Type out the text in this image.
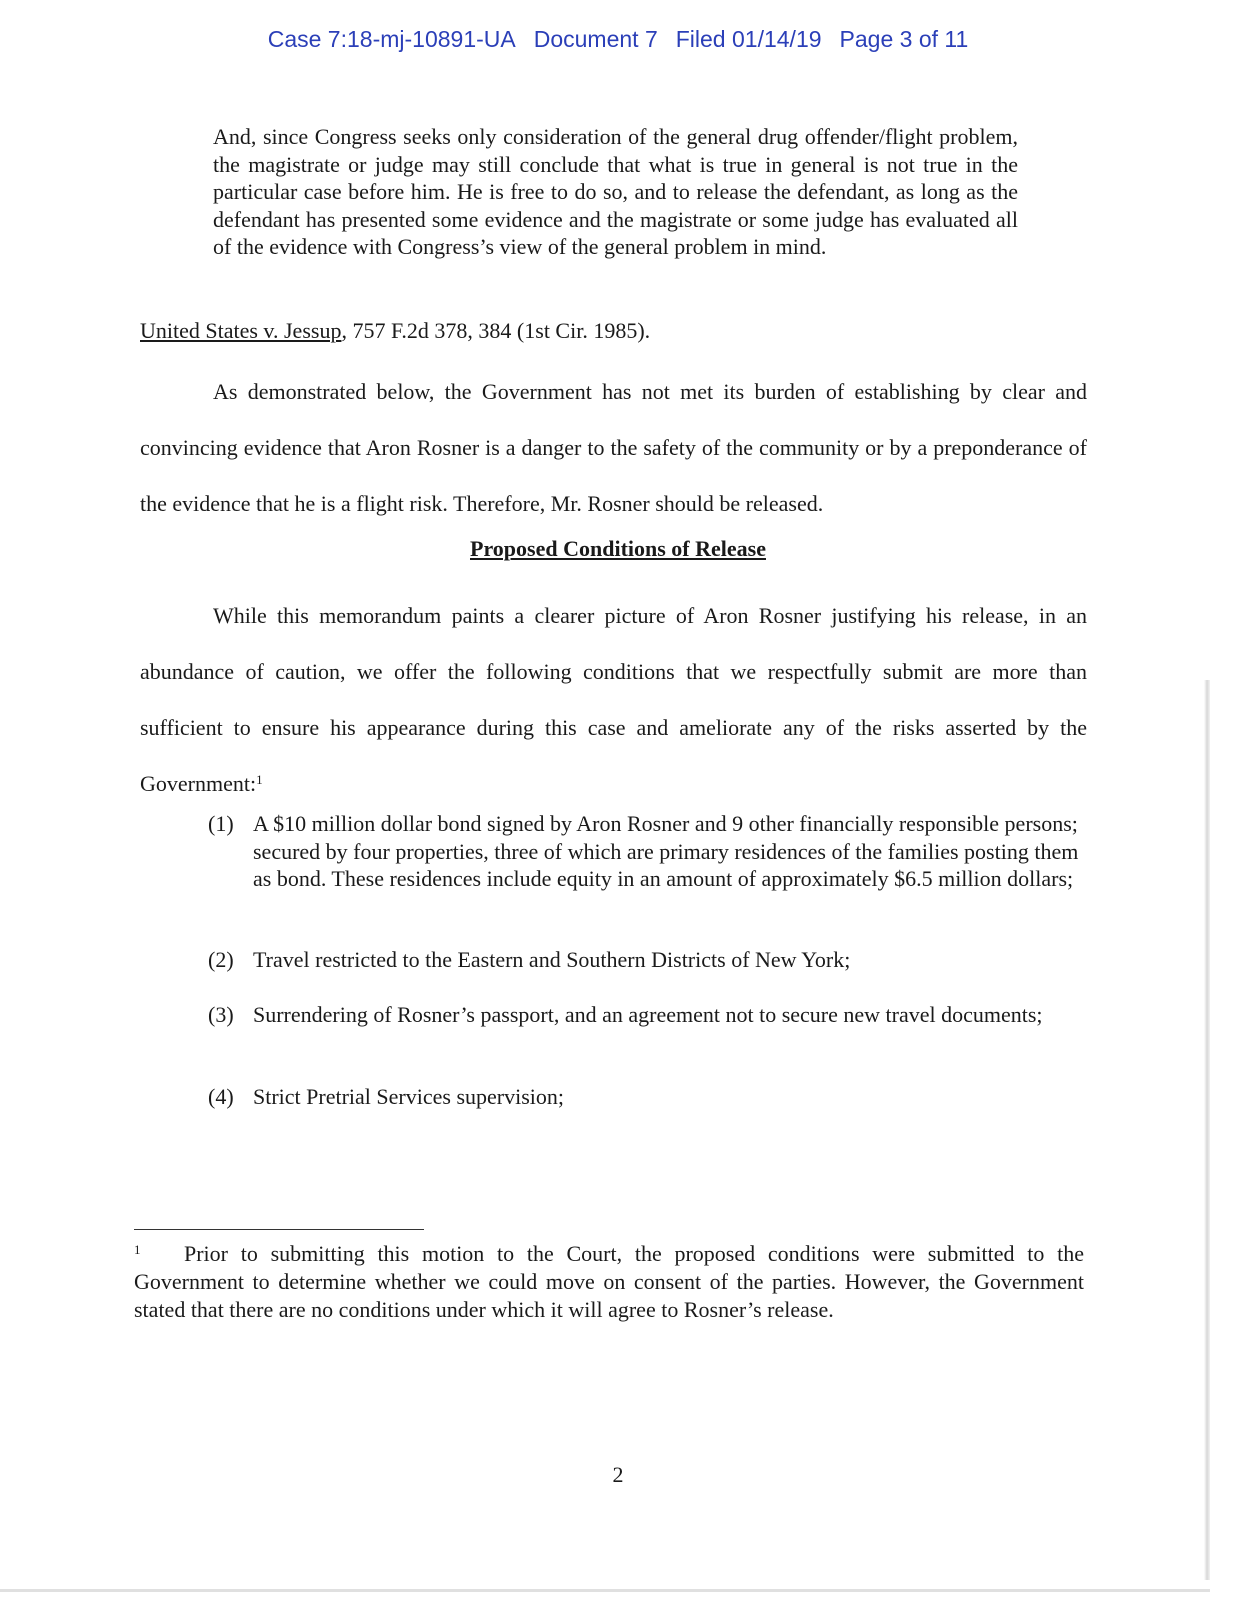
Case 7:18-mj-10891-UA Document 7 Filed 01/14/19 Page 3 of 11
And, since Congress seeks only consideration of the general drug offender/flight problem, the magistrate or judge may still conclude that what is true in general is not true in the particular case before him. He is free to do so, and to release the defendant, as long as the defendant has presented some evidence and the magistrate or some judge has evaluated all of the evidence with Congress’s view of the general problem in mind.
United States v. Jessup, 757 F.2d 378, 384 (1st Cir. 1985).
As demonstrated below, the Government has not met its burden of establishing by clear and convincing evidence that Aron Rosner is a danger to the safety of the community or by a preponderance of the evidence that he is a flight risk. Therefore, Mr. Rosner should be released.
Proposed Conditions of Release
While this memorandum paints a clearer picture of Aron Rosner justifying his release, in an abundance of caution, we offer the following conditions that we respectfully submit are more than sufficient to ensure his appearance during this case and ameliorate any of the risks asserted by the Government:$^1$
(1) A $10 million dollar bond signed by Aron Rosner and 9 other financially responsible persons; secured by four properties, three of which are primary residences of the families posting them as bond. These residences include equity in an amount of approximately $6.5 million dollars;
(2) Travel restricted to the Eastern and Southern Districts of New York;
(3) Surrendering of Rosner’s passport, and an agreement not to secure new travel documents;
(4) Strict Pretrial Services supervision;
1	Prior to submitting this motion to the Court, the proposed conditions were submitted to the Government to determine whether we could move on consent of the parties. However, the Government stated that there are no conditions under which it will agree to Rosner’s release.
2
